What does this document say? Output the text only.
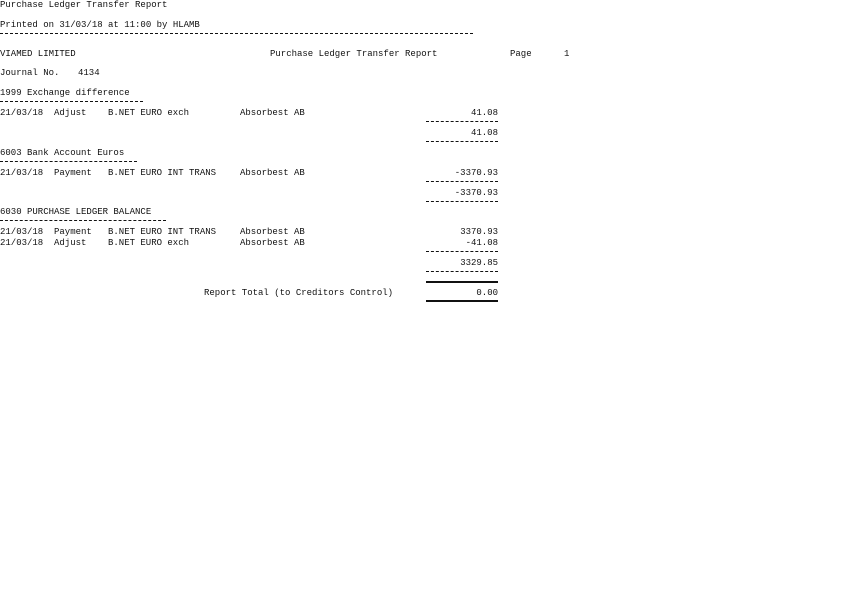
Purchase Ledger Transfer Report
Printed on 31/03/18 at 11:00 by HLAMB
VIAMED LIMITED	Purchase Ledger Transfer Report	Page	1
Journal No. 4134
1999 Exchange difference
21/03/18 Adjust B.NET EURO exch	Absorbest AB	41.08
41.08
6003 Bank Account Euros
21/03/18 Payment B.NET EURO INT TRANS	Absorbest AB	-3370.93
-3370.93
6030 PURCHASE LEDGER BALANCE
21/03/18 Payment B.NET EURO INT TRANS	Absorbest AB	3370.93
21/03/18 Adjust B.NET EURO exch	Absorbest AB	-41.08
3329.85
Report Total (to Creditors Control)	0.00
